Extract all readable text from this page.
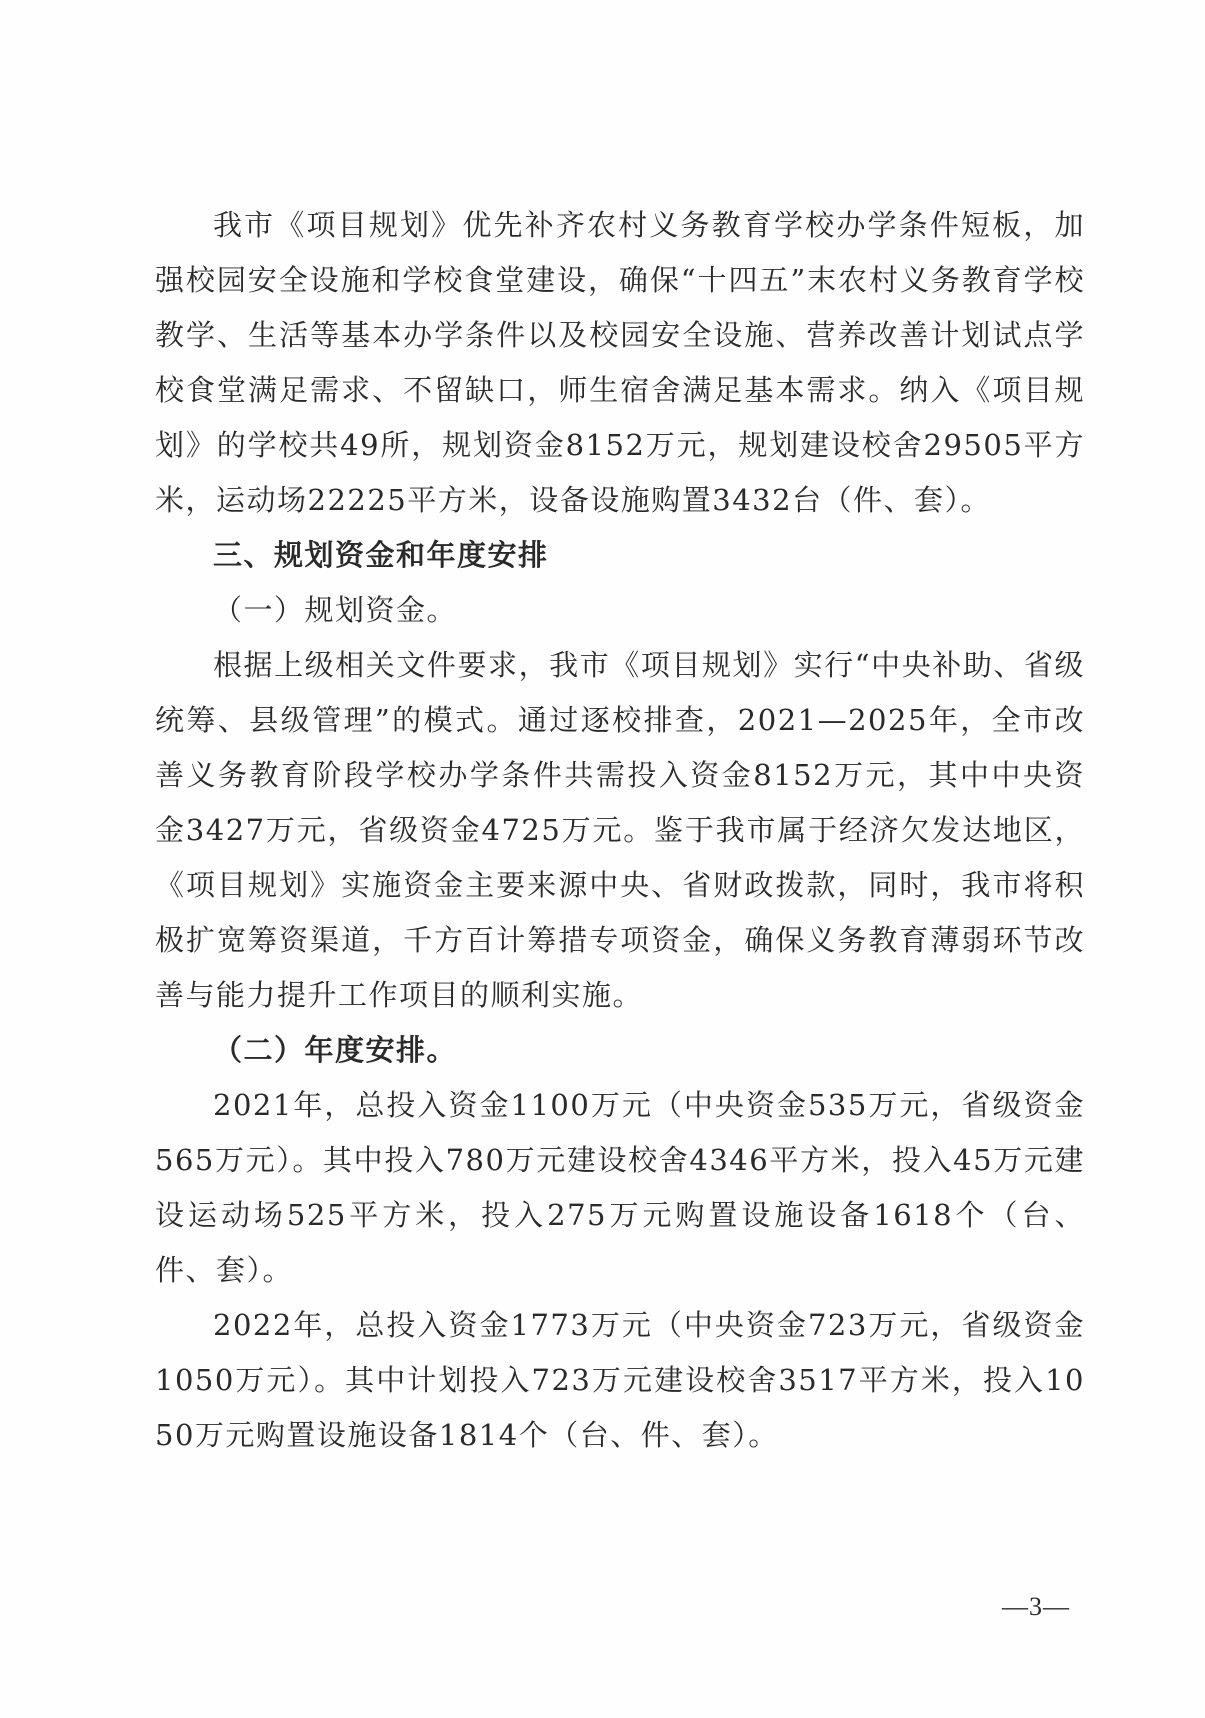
我市《项目规划》优先补齐农村义务教育学校办学条件短板，加强校园安全设施和学校食堂建设，确保“十四五”末农村义务教育学校教学、生活等基本办学条件以及校园安全设施、营养改善计划试点学校食堂满足需求、不留缺口，师生宿舍满足基本需求。纳入《项目规划》的学校共49所，规划资金8152万元，规划建设校舍29505平方米，运动场22225平方米，设备设施购置3432台（件、套）。

三、规划资金和年度安排

（一）规划资金。

根据上级相关文件要求，我市《项目规划》实行“中央补助、省级统筹、县级管理”的模式。通过逐校排查，2021—2025年，全市改善义务教育阶段学校办学条件共需投入资金8152万元，其中中央资金3427万元，省级资金4725万元。鉴于我市属于经济欠发达地区，《项目规划》实施资金主要来源中央、省财政拨款，同时，我市将积极扩宽筹资渠道，千方百计筹措专项资金，确保义务教育薄弱环节改善与能力提升工作项目的顺利实施。

（二）年度安排。

2021年，总投入资金1100万元（中央资金535万元，省级资金565万元）。其中投入780万元建设校舍4346平方米，投入45万元建设运动场525平方米，投入275万元购置设施设备1618个（台、件、套）。

2022年，总投入资金1773万元（中央资金723万元，省级资金1050万元）。其中计划投入723万元建设校舍3517平方米，投入1050万元购置设施设备1814个（台、件、套）。

—3—
